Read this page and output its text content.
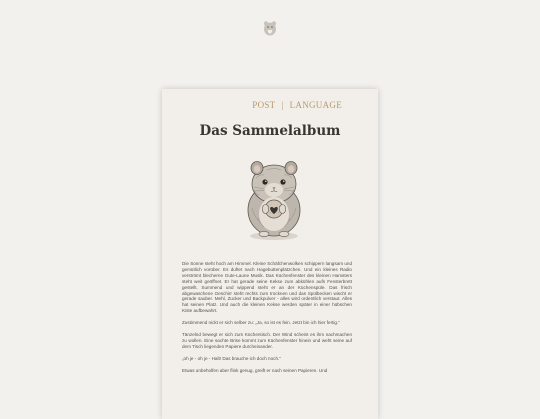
POST | LANGUAGE
Das Sammelalbum

Die Sonne steht hoch am Himmel. Kleine Schäfchenwolken schippern langsam und gemütlich vorüber. Es duftet nach Hagebuttenplätzchen. Und ein kleines Radio verströmt blecherne Gute-Laune Musik. Das Küchenfenster des kleinen Hamsters steht weit geöffnet. Er hat gerade seine Kekse zum abkühlen aufs Fensterbrett gestellt. Summend und wippend steht er an der Küchenspüle. Das frisch abgewaschene Geschirr steht rechts zum trocknen und das Spülbecken wischt er gerade sauber. Mehl, Zucker und Backpulver - alles wird ordentlich verstaut. Alles hat seinen Platz. Und auch die kleinen Kekse werden später in einer hübschen Kiste aufbewahrt.

Zustimmend nickt er sich selber zu: „Ja, so ist es fein. Jetzt bin ich hier fertig."

Tänzelnd bewegt er sich zum Küchentisch. Der Wind scheint es ihm nachmachen zu wollen. Eine sachte Brise kommt zum Küchenfenster hinein und weht seine auf dem Tisch liegenden Papiere durcheinander.

„oh je - oh je - Halt! Das brauche ich doch noch."

Etwas unbeholfen aber flink genug, greift er nach seinen Papieren. Und
